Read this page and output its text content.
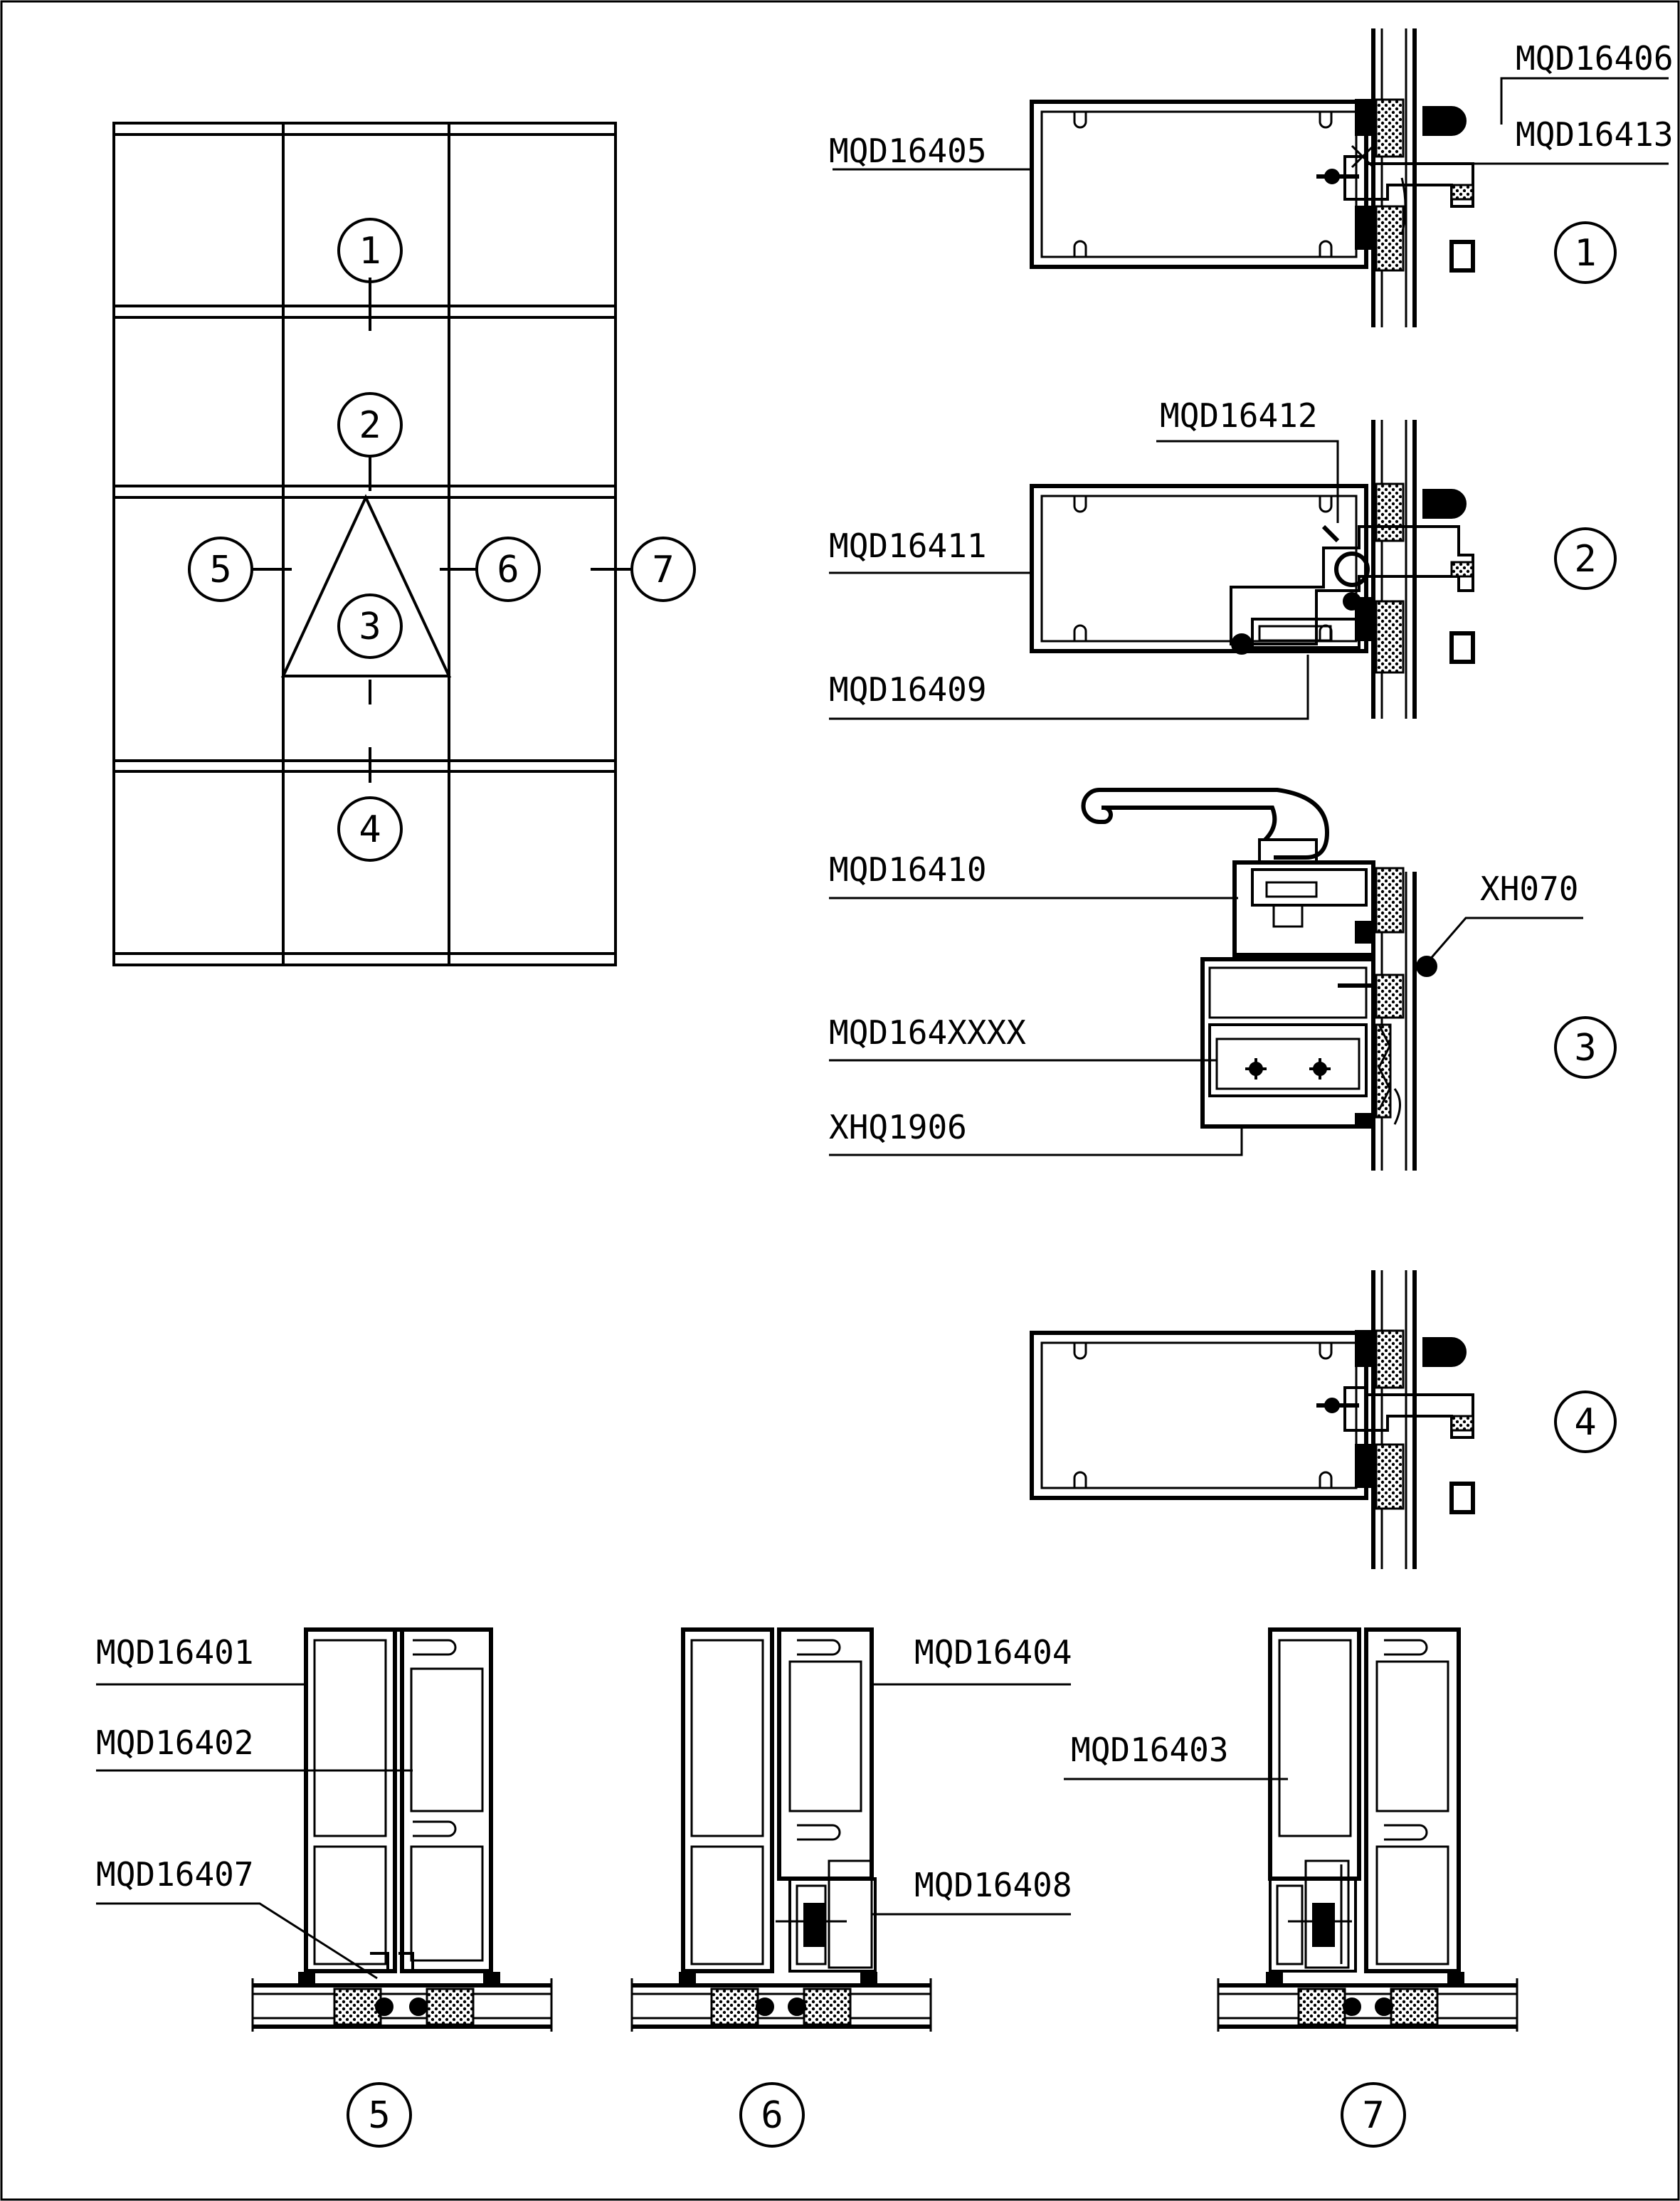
1
2
3
4
5	6	7
MQD16405
MQD16406
MQD16413
1
MQD16412
MQD16411
MQD16409
2
MQD16410	XH070
MQD164XXXX
XHQ1906
3
4
MQD16401
MQD16402
MQD16407
5
MQD16404
MQD16408
6
MQD16403
7
